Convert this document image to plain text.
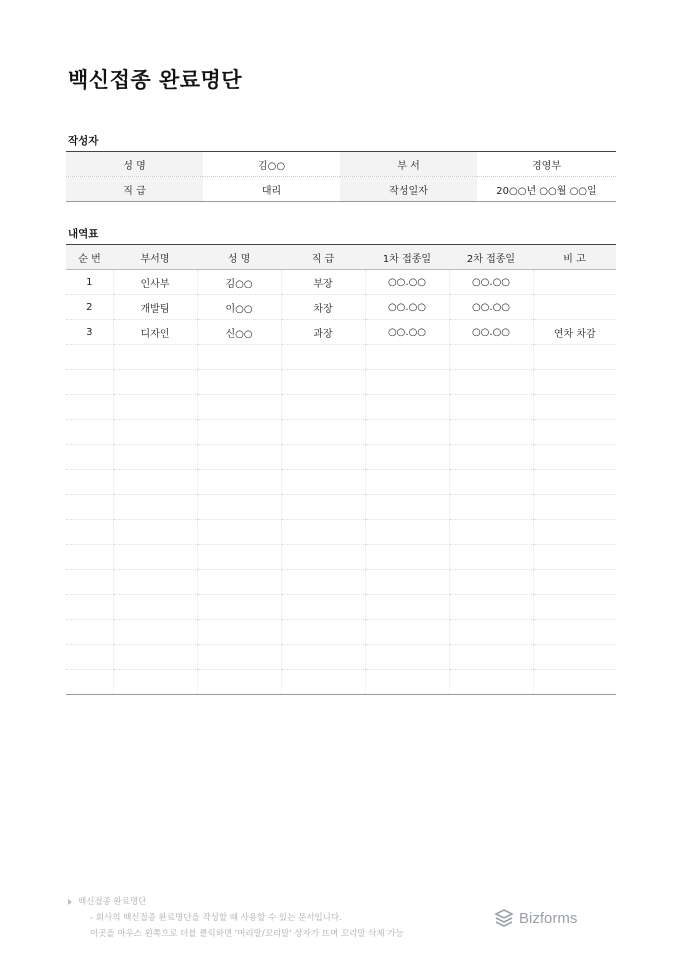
백신접종 완료명단
작성자
성 명	김○○	부 서	경영부
직 급	대리	작성일자	20○○년 ○○월 ○○일
내역표
순 번	부서명	성 명	직 급	1차 접종일	2차 접종일	비 고
1	인사부	김○○	부장	○○.○○	○○.○○	
2	개발팀	이○○	차장	○○.○○	○○.○○	
3	디자인	신○○	과장	○○.○○	○○.○○	연차 차감

백신접종 완료명단
- 회사의 백신접종 완료명단을 작성할 때 사용할 수 있는 문서입니다.
이곳을 마우스 왼쪽으로 더블 클릭하면 '머리말/꼬리말' 상자가 뜨며 꼬리말 삭제 가능
Bizforms
